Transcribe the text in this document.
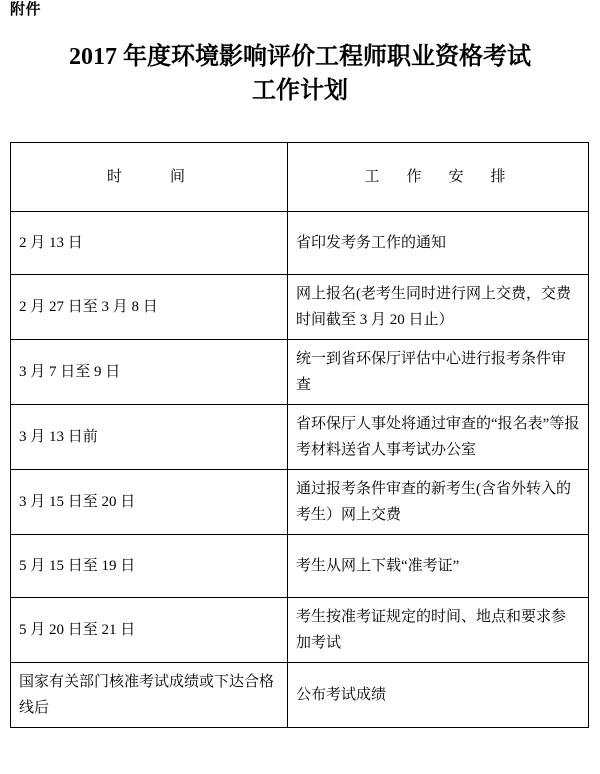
附件
2017 年度环境影响评价工程师职业资格考试
工作计划
时　　间	工　作　安　排
2 月 13 日	省印发考务工作的通知
2 月 27 日至 3 月 8 日	网上报名(老考生同时进行网上交费，交费时间截至 3 月 20 日止）
3 月 7 日至 9 日	统一到省环保厅评估中心进行报考条件审查
3 月 13 日前	省环保厅人事处将通过审查的“报名表”等报考材料送省人事考试办公室
3 月 15 日至 20 日	通过报考条件审查的新考生(含省外转入的考生）网上交费
5 月 15 日至 19 日	考生从网上下载“准考证”
5 月 20 日至 21 日	考生按准考证规定的时间、地点和要求参加考试
国家有关部门核准考试成绩或下达合格线后	公布考试成绩
